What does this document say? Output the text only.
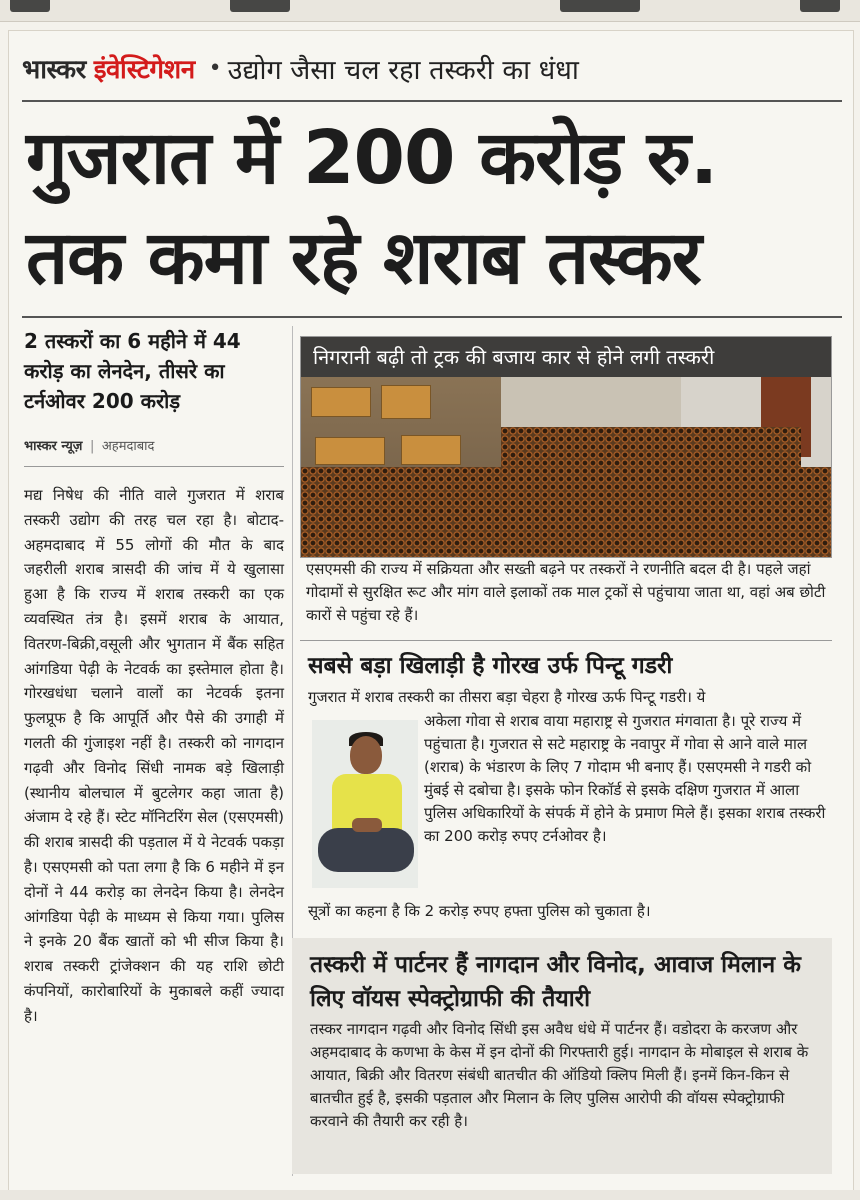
भास्कर इंवेस्टिगेशन • उद्योग जैसा चल रहा तस्करी का धंधा
गुजरात में 200 करोड़ रु.
तक कमा रहे शराब तस्कर
2 तस्करों का 6 महीने में 44 करोड़ का लेनदेन, तीसरे का टर्नओवर 200 करोड़
भास्कर न्यूज़ | अहमदाबाद
मद्य निषेध की नीति वाले गुजरात में शराब तस्करी उद्योग की तरह चल रहा है। बोटाद-अहमदाबाद में 55 लोगों की मौत के बाद जहरीली शराब त्रासदी की जांच में ये खुलासा हुआ है कि राज्य में शराब तस्करी का एक व्यवस्थित तंत्र है। इसमें शराब के आयात, वितरण-बिक्री,वसूली और भुगतान में बैंक सहित आंगडिया पेढ़ी के नेटवर्क का इस्तेमाल होता है। गोरखधंधा चलाने वालों का नेटवर्क इतना फुलप्रूफ है कि आपूर्ति और पैसे की उगाही में गलती की गुंजाइश नहीं है। तस्करी को नागदान गढ़वी और विनोद सिंधी नामक बड़े खिलाड़ी (स्थानीय बोलचाल में बुटलेगर कहा जाता है) अंजाम दे रहे हैं। स्टेट मॉनिटरिंग सेल (एसएमसी) की शराब त्रासदी की पड़ताल में ये नेटवर्क पकड़ा है। एसएमसी को पता लगा है कि 6 महीने में इन दोनों ने 44 करोड़ का लेनदेन किया है। लेनदेन आंगडिया पेढ़ी के माध्यम से किया गया। पुलिस ने इनके 20 बैंक खातों को भी सीज किया है। शराब तस्करी ट्रांजेक्शन की यह राशि छोटी कंपनियों, कारोबारियों के मुकाबले कहीं ज्यादा है।
निगरानी बढ़ी तो ट्रक की बजाय कार से होने लगी तस्करी
एसएमसी की राज्य में सक्रियता और सख्ती बढ़ने पर तस्करों ने रणनीति बदल दी है। पहले जहां गोदामों से सुरक्षित रूट और मांग वाले इलाकों तक माल ट्रकों से पहुंचाया जाता था, वहां अब छोटी कारों से पहुंचा रहे हैं।
सबसे बड़ा खिलाड़ी है गोरख उर्फ पिन्टू गडरी
गुजरात में शराब तस्करी का तीसरा बड़ा चेहरा है गोरख ऊर्फ पिन्टू गडरी। ये
अकेला गोवा से शराब वाया महाराष्ट्र से गुजरात मंगवाता है। पूरे राज्य में पहुंचाता है। गुजरात से सटे महाराष्ट्र के नवापुर में गोवा से आने वाले माल (शराब) के भंडारण के लिए 7 गोदाम भी बनाए हैं। एसएमसी ने गडरी को मुंबई से दबोचा है। इसके फोन रिकॉर्ड से इसके दक्षिण गुजरात में आला पुलिस अधिकारियों के संपर्क में होने के प्रमाण मिले हैं। इसका शराब तस्करी का 200 करोड़ रुपए टर्नओवर है।
सूत्रों का कहना है कि 2 करोड़ रुपए हफ्ता पुलिस को चुकाता है।
तस्करी में पार्टनर हैं नागदान और विनोद, आवाज मिलान के लिए वॉयस स्पेक्ट्रोग्राफी की तैयारी
तस्कर नागदान गढ़वी और विनोद सिंधी इस अवैध धंधे में पार्टनर हैं। वडोदरा के करजण और अहमदाबाद के कणभा के केस में इन दोनों की गिरफ्तारी हुई। नागदान के मोबाइल से शराब के आयात, बिक्री और वितरण संबंधी बातचीत की ऑडियो क्लिप मिली हैं। इनमें किन-किन से बातचीत हुई है, इसकी पड़ताल और मिलान के लिए पुलिस आरोपी की वॉयस स्पेक्ट्रोग्राफी करवाने की तैयारी कर रही है।
